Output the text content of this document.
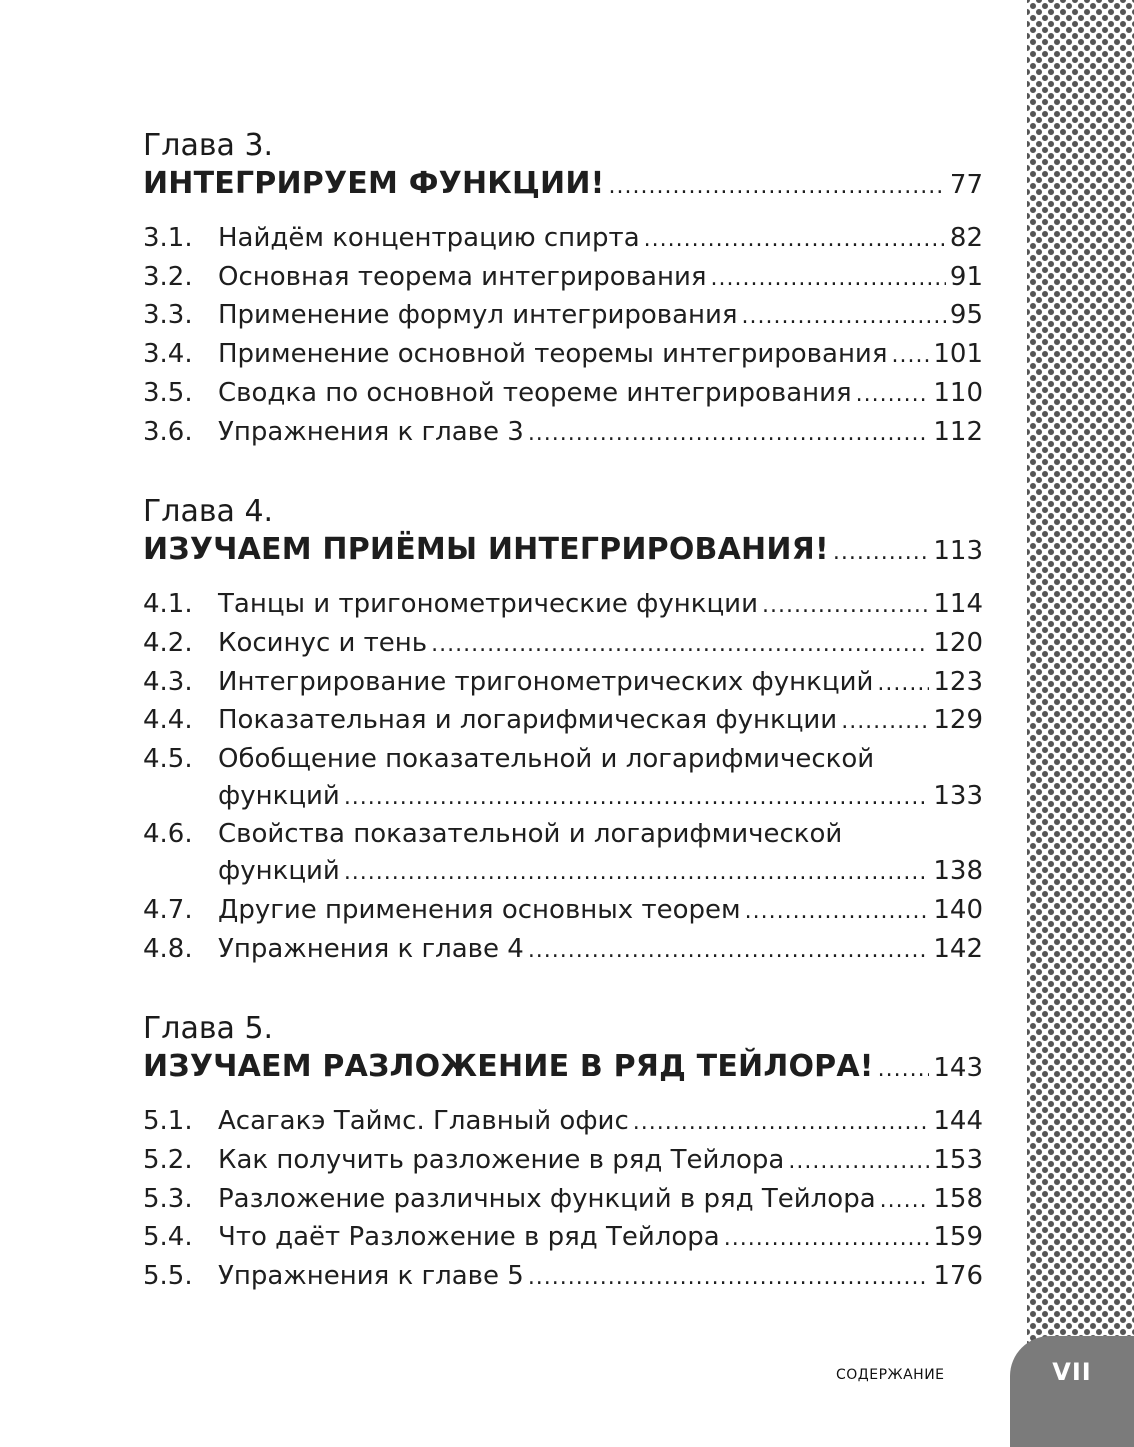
Глава 3.
ИНТЕГРИРУЕМ ФУНКЦИИ! .....	77
3.1. Найдём концентрацию спирта .....	82
3.2. Основная теорема интегрирования .....	91
3.3. Применение формул интегрирования .....	95
3.4. Применение основной теоремы интегрирования ..... 101
3.5. Сводка по основной теореме интегрирования .....	110
3.6. Упражнения к главе 3 .....	112
Глава 4.
ИЗУЧАЕМ ПРИЁМЫ ИНТЕГРИРОВАНИЯ! .....	113
4.1. Танцы и тригонометрические функции .....	114
4.2. Косинус и тень .....	120
4.3. Интегрирование тригонометрических функций ..... 123
4.4. Показательная и логарифмическая функции .....	129
4.5. Обобщение показательной и логарифмической
функций .....	133
4.6. Свойства показательной и логарифмической
функций .....	138
4.7. Другие применения основных теорем .....	140
4.8. Упражнения к главе 4 .....	142
Глава 5.
ИЗУЧАЕМ РАЗЛОЖЕНИЕ В РЯД ТЕЙЛОРА! ..... 143
5.1. Асагакэ Таймс. Главный офис .....	144
5.2. Как получить разложение в ряд Тейлора .....	153
5.3. Разложение различных функций в ряд Тейлора ..... 158
5.4. Что даёт Разложение в ряд Тейлора .....	159
5.5. Упражнения к главе 5 .....	176
СОДЕРЖАНИЕ	VII
